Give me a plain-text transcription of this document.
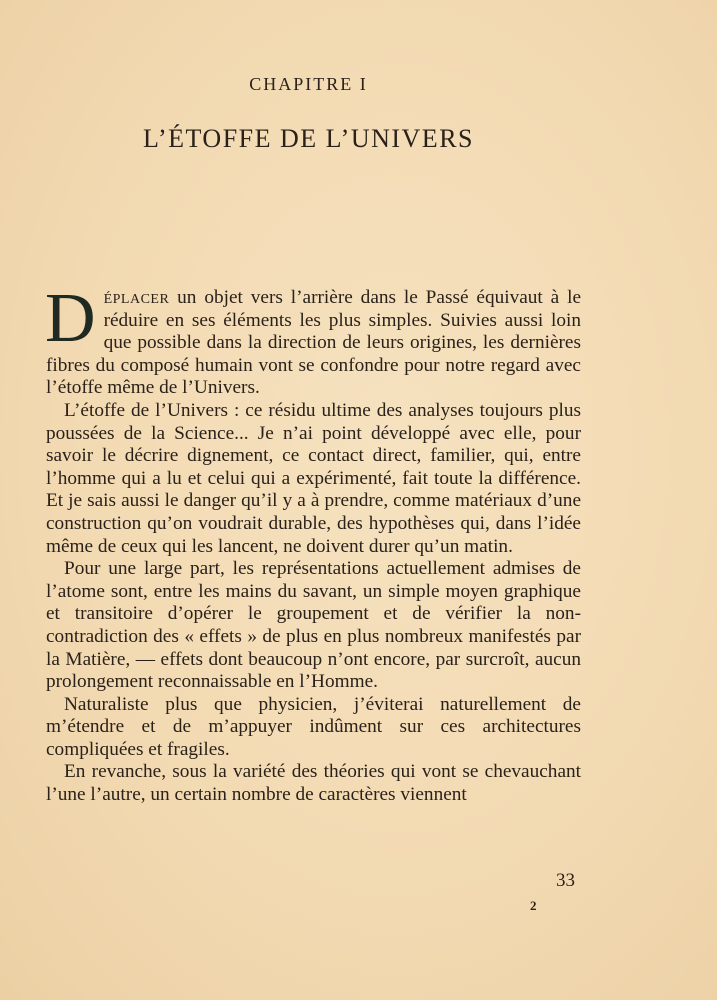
CHAPITRE I
L’ÉTOFFE DE L’UNIVERS

Déplacer un objet vers l’arrière dans le Passé équivaut à le réduire en ses éléments les plus simples. Suivies aussi loin que possible dans la direction de leurs origines, les dernières fibres du composé humain vont se confondre pour notre regard avec l’étoffe même de l’Univers.

L’étoffe de l’Univers : ce résidu ultime des analyses toujours plus poussées de la Science... Je n’ai point développé avec elle, pour savoir le décrire dignement, ce contact direct, familier, qui, entre l’homme qui a lu et celui qui a expérimenté, fait toute la différence. Et je sais aussi le danger qu’il y a à prendre, comme matériaux d’une construction qu’on voudrait durable, des hypothèses qui, dans l’idée même de ceux qui les lancent, ne doivent durer qu’un matin.

Pour une large part, les représentations actuellement admises de l’atome sont, entre les mains du savant, un simple moyen graphique et transitoire d’opérer le groupement et de vérifier la non-contradiction des « effets » de plus en plus nombreux manifestés par la Matière, — effets dont beaucoup n’ont encore, par surcroît, aucun prolongement reconnaissable en l’Homme.

Naturaliste plus que physicien, j’éviterai naturellement de m’étendre et de m’appuyer indûment sur ces architectures compliquées et fragiles.

En revanche, sous la variété des théories qui vont se chevauchant l’une l’autre, un certain nombre de caractères viennent

33
2
